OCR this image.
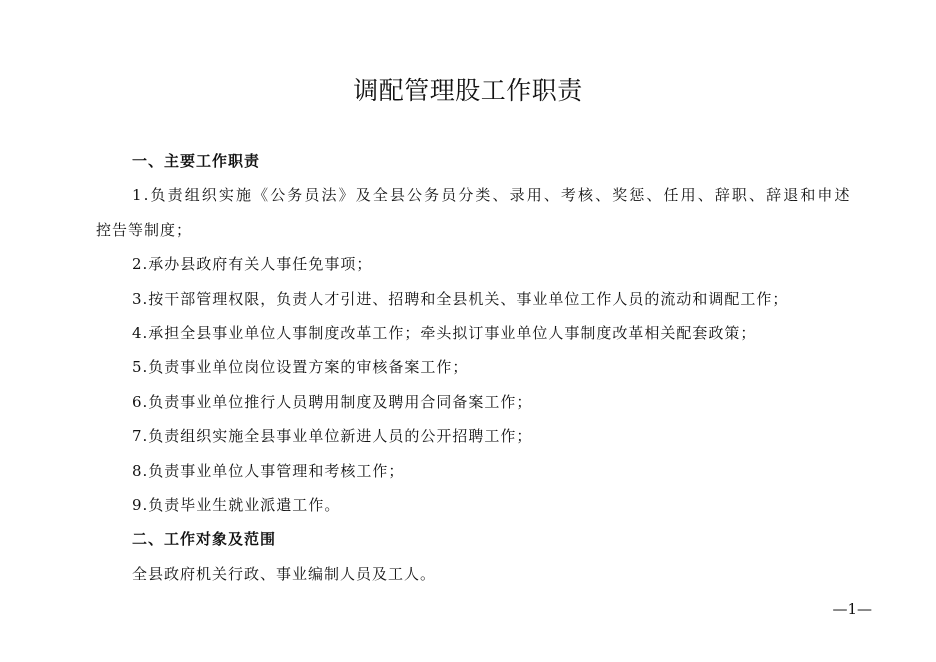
调配管理股工作职责
一、主要工作职责
1.负责组织实施《公务员法》及全县公务员分类、录用、考核、奖惩、任用、辞职、辞退和申述
控告等制度；
2.承办县政府有关人事任免事项；
3.按干部管理权限，负责人才引进、招聘和全县机关、事业单位工作人员的流动和调配工作；
4.承担全县事业单位人事制度改革工作；牵头拟订事业单位人事制度改革相关配套政策；
5.负责事业单位岗位设置方案的审核备案工作；
6.负责事业单位推行人员聘用制度及聘用合同备案工作；
7.负责组织实施全县事业单位新进人员的公开招聘工作；
8.负责事业单位人事管理和考核工作；
9.负责毕业生就业派遣工作。
二、工作对象及范围
全县政府机关行政、事业编制人员及工人。
—1—
